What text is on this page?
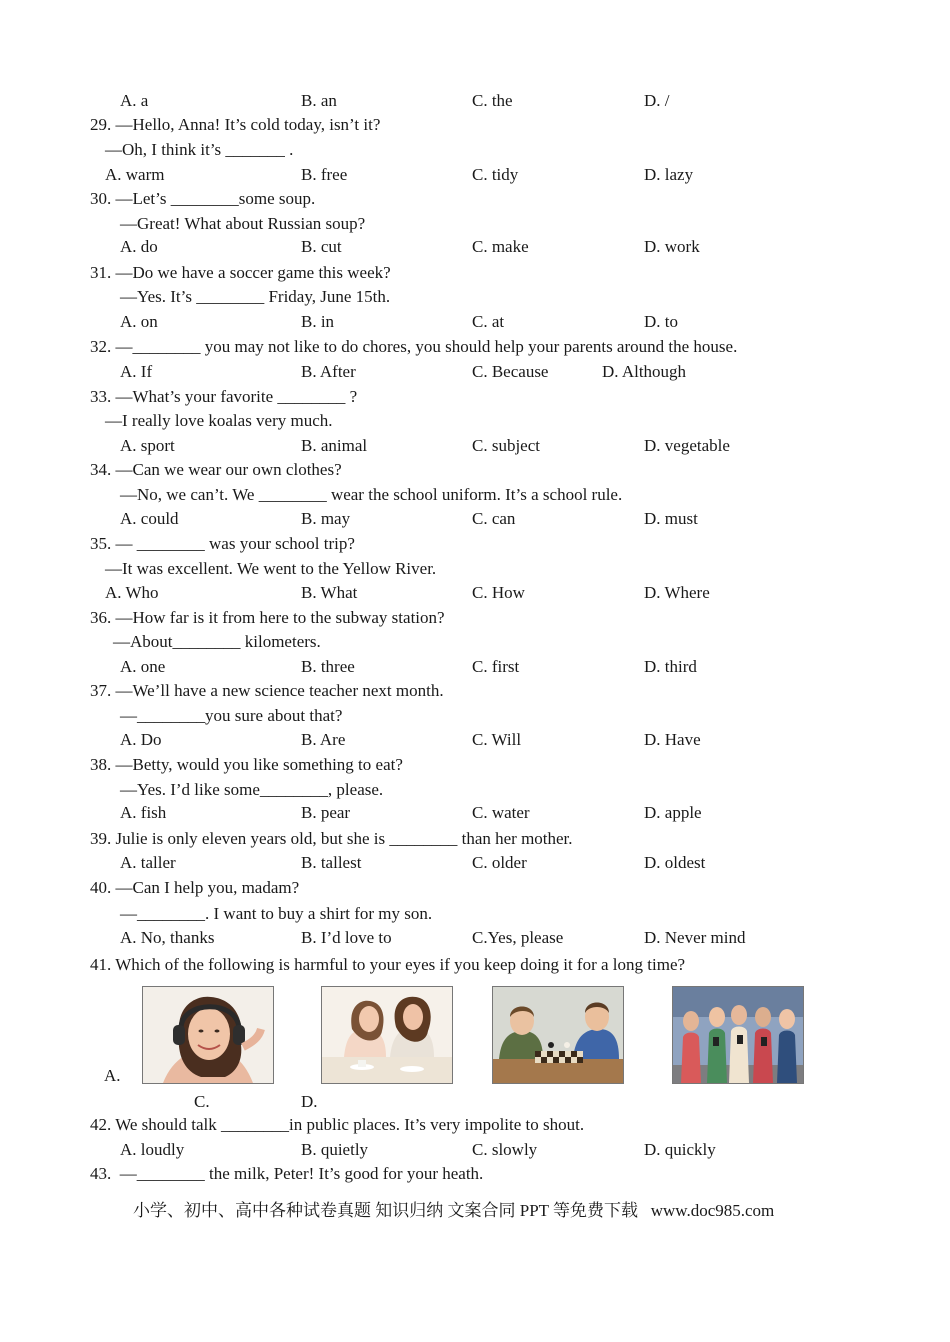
A. a	B. an	C. the	D. /
29. —Hello, Anna! It’s cold today, isn’t it?
—Oh, I think it’s _______ .
A. warm	B. free	C. tidy	D. lazy
30. —Let’s ________some soup.
—Great! What about Russian soup?
A. do	B. cut	C. make	D. work
31. —Do we have a soccer game this week?
—Yes. It’s ________ Friday, June 15th.
A. on	B. in	C. at	D. to
32. —________ you may not like to do chores, you should help your parents around the house.
A. If	B. After	C. Because	D. Although
33. —What’s your favorite ________ ?
—I really love koalas very much.
A. sport	B. animal	C. subject	D. vegetable
34. —Can we wear our own clothes?
—No, we can’t. We ________ wear the school uniform. It’s a school rule.
A. could	B. may	C. can	D. must
35. — ________ was your school trip?
—It was excellent. We went to the Yellow River.
A. Who	B. What	C. How	D. Where
36. —How far is it from here to the subway station?
—About________ kilometers.
A. one	B. three	C. first	D. third
37. —We’ll have a new science teacher next month.
—________you sure about that?
A. Do	B. Are	C. Will	D. Have
38. —Betty, would you like something to eat?
—Yes. I’d like some________, please.
A. fish	B. pear	C. water	D. apple
39. Julie is only eleven years old, but she is ________ than her mother.
A. taller	B. tallest	C. older	D. oldest
40. —Can I help you, madam?
—________. I want to buy a shirt for my son.
A. No, thanks	B. I’d love to	C.Yes, please	D. Never mind
41. Which of the following is harmful to your eyes if you keep doing it for a long time?
A.
C.	D.
42. We should talk ________in public places. It’s very impolite to shout.
A. loudly	B. quietly	C. slowly	D. quickly
43.  —________ the milk, Peter! It’s good for your heath.
小学、初中、高中各种试卷真题 知识归纳 文案合同 PPT 等免费下载   www.doc985.com
